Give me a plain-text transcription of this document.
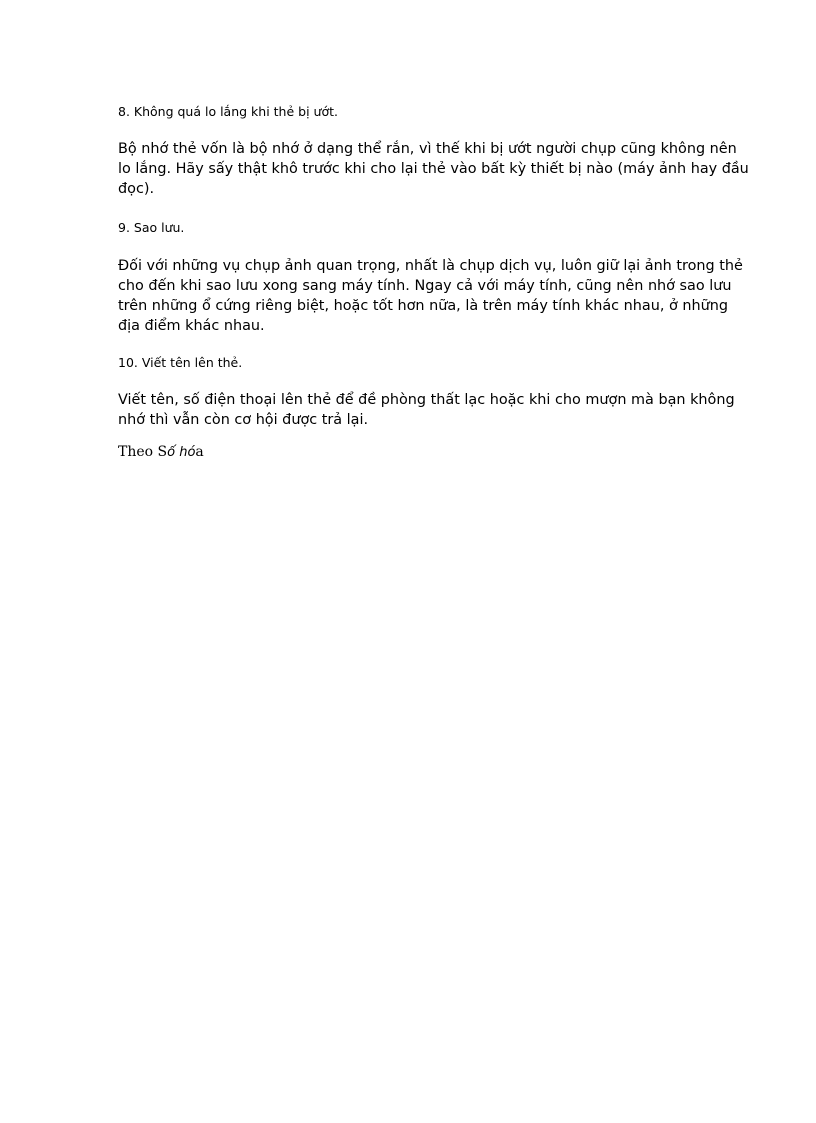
8. Không quá lo lắng khi thẻ bị ướt.
Bộ nhớ thẻ vốn là bộ nhớ ở dạng thể rắn, vì thế khi bị ướt người chụp cũng không nên
lo lắng. Hãy sấy thật khô trước khi cho lại thẻ vào bất kỳ thiết bị nào (máy ảnh hay đầu
đọc).
9. Sao lưu.
Đối với những vụ chụp ảnh quan trọng, nhất là chụp dịch vụ, luôn giữ lại ảnh trong thẻ
cho đến khi sao lưu xong sang máy tính. Ngay cả với máy tính, cũng nên nhớ sao lưu
trên những ổ cứng riêng biệt, hoặc tốt hơn nữa, là trên máy tính khác nhau, ở những
địa điểm khác nhau.
10. Viết tên lên thẻ.
Viết tên, số điện thoại lên thẻ để đề phòng thất lạc hoặc khi cho mượn mà bạn không
nhớ thì vẫn còn cơ hội được trả lại.
Theo Số hóa
